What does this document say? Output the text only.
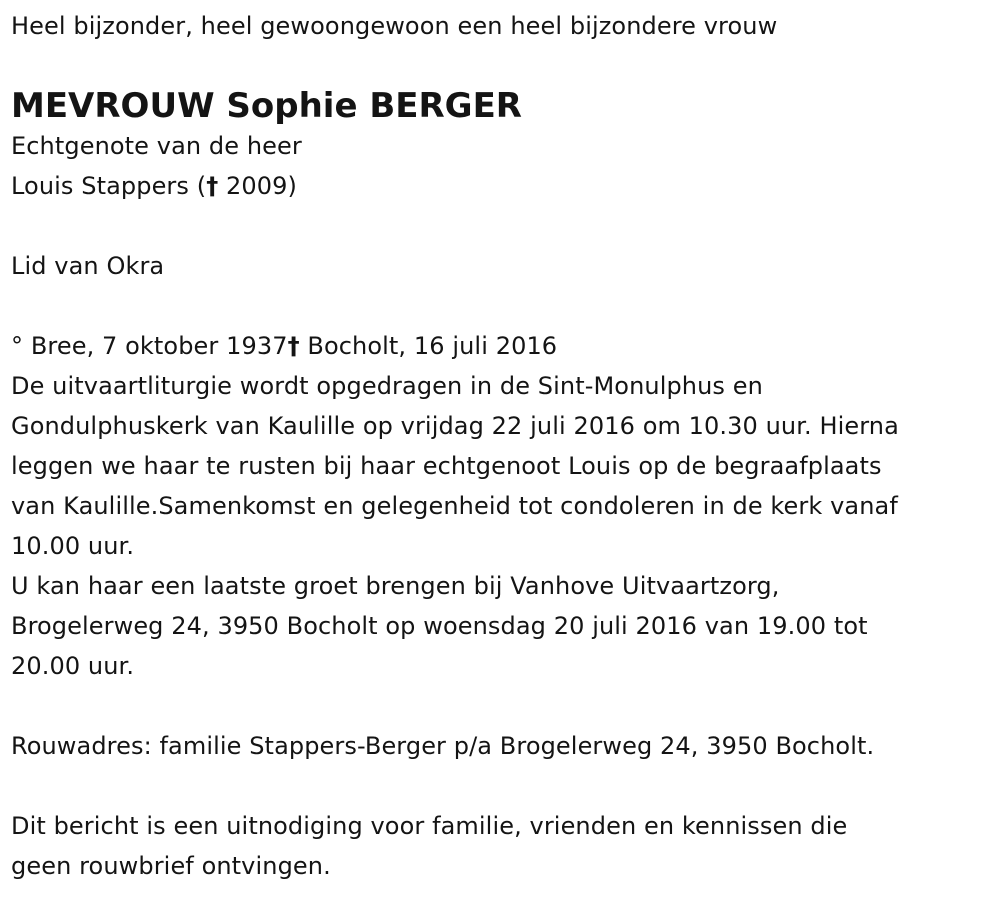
Heel bijzonder, heel gewoongewoon een heel bijzondere vrouw
MEVROUW Sophie BERGER
Echtgenote van de heer
Louis Stappers († 2009)
Lid van Okra
° Bree, 7 oktober 1937† Bocholt, 16 juli 2016
De uitvaartliturgie wordt opgedragen in de Sint-Monulphus en
Gondulphuskerk van Kaulille op vrijdag 22 juli 2016 om 10.30 uur. Hierna
leggen we haar te rusten bij haar echtgenoot Louis op de begraafplaats
van Kaulille.Samenkomst en gelegenheid tot condoleren in de kerk vanaf
10.00 uur.
U kan haar een laatste groet brengen bij Vanhove Uitvaartzorg,
Brogelerweg 24, 3950 Bocholt op woensdag 20 juli 2016 van 19.00 tot
20.00 uur.
Rouwadres: familie Stappers-Berger p/a Brogelerweg 24, 3950 Bocholt.
Dit bericht is een uitnodiging voor familie, vrienden en kennissen die
geen rouwbrief ontvingen.
